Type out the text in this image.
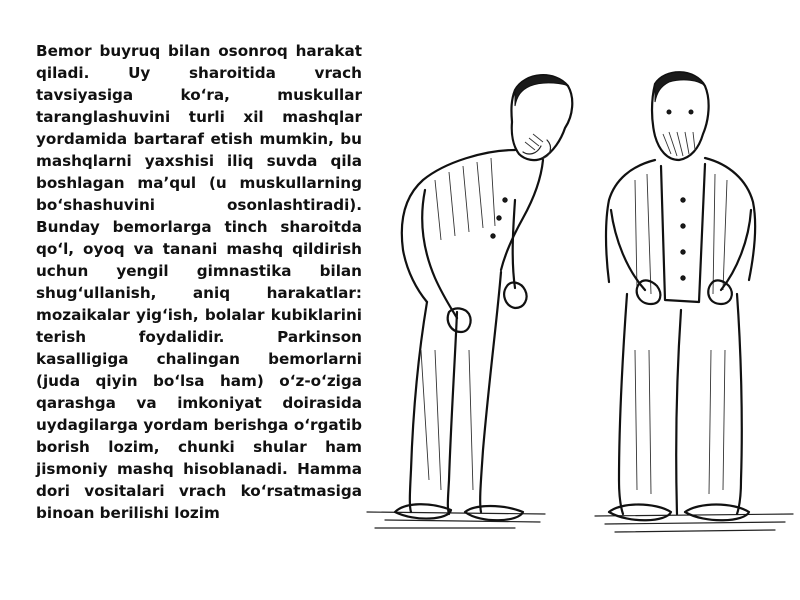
Bemor buyruq bilan osonroq harakat qiladi. Uy sharoitida vrach tavsiyasiga koʻra, muskullar taranglashuvini turli xil mashqlar yordamida bartaraf etish mumkin, bu mashqlarni yaxshisi iliq suvda qila boshlagan maʼqul (u muskullarning boʻshashuvini osonlashtiradi). Bunday bemorlarga tinch sharoitda qoʻl, oyoq va tanani mashq qildirish uchun yengil gimnastika bilan shugʻullanish, aniq harakatlar: mozaikalar yigʻish, bolalar kubiklarini terish foydalidir. Parkinson kasalligiga chalingan bemorlarni (juda qiyin boʻlsa ham) oʻz-oʻziga qarashga va imkoniyat doirasida uydagilarga yordam berishga oʻrgatib borish lozim, chunki shular ham jismoniy mashq hisoblanadi. Hamma dori vositalari vrach koʻrsatmasiga binoan berilishi lozim
